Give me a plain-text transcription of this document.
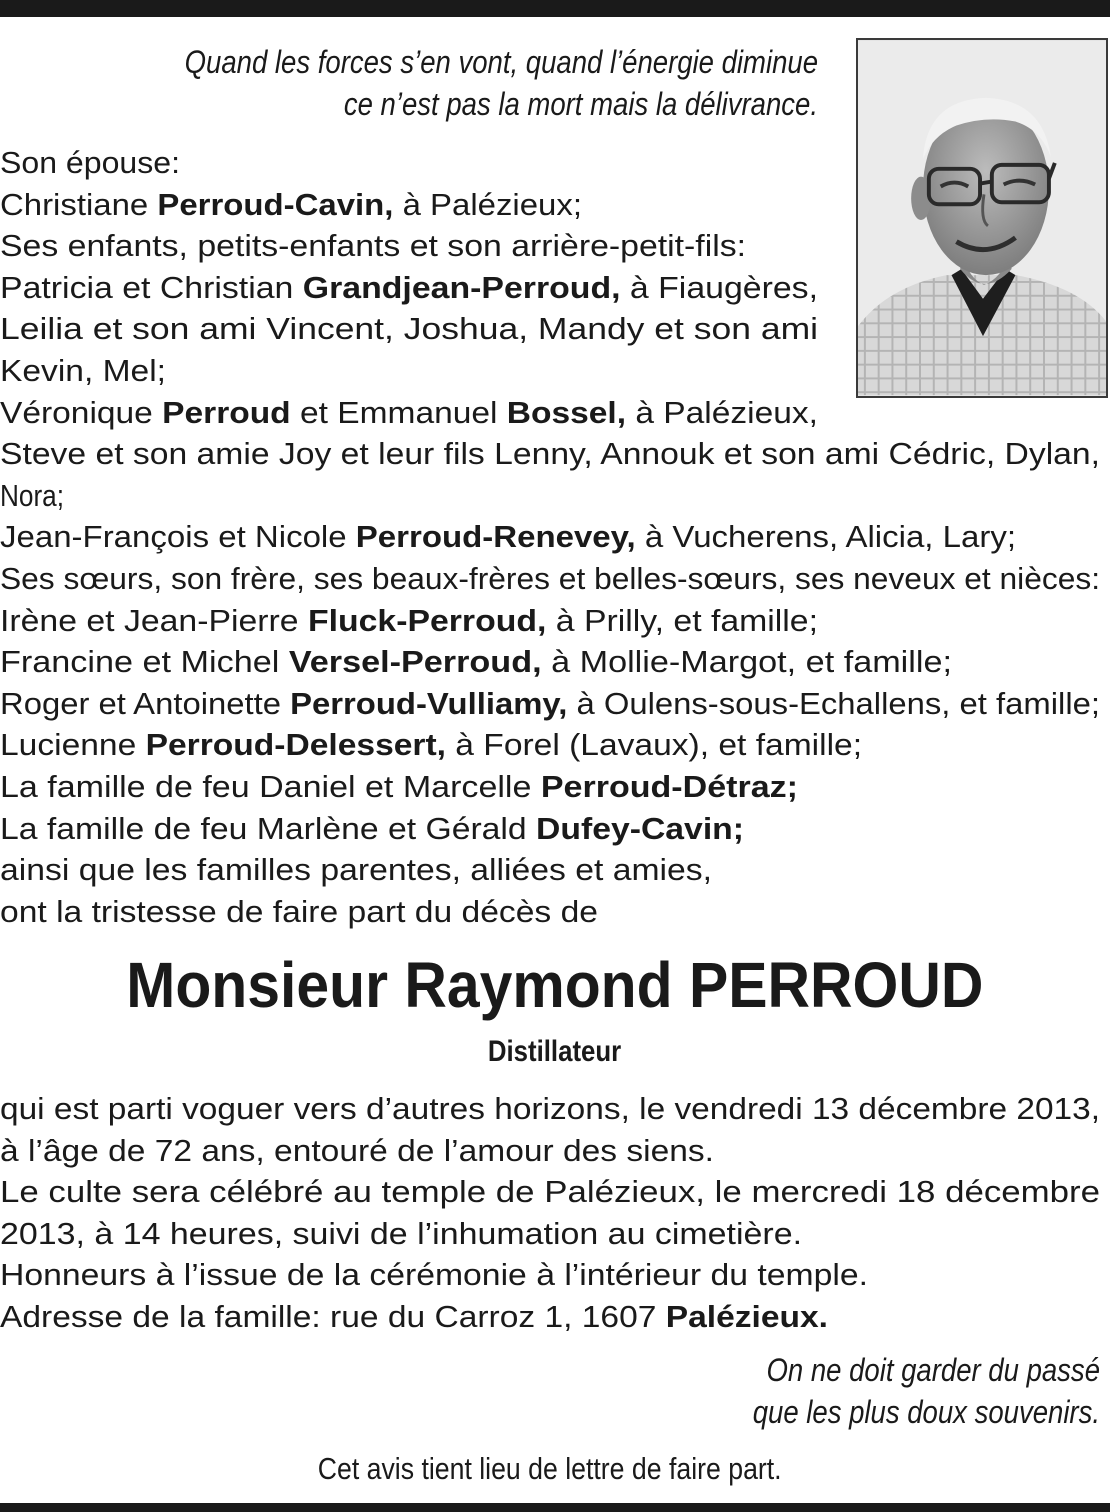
Quand les forces s’en vont, quand l’énergie diminue
ce n’est pas la mort mais la délivrance.
Son épouse:
Christiane Perroud-Cavin, à Palézieux;
Ses enfants, petits-enfants et son arrière-petit-fils:
Patricia et Christian Grandjean-Perroud, à Fiaugères,
Leilia et son ami Vincent, Joshua, Mandy et son ami
Kevin, Mel;
Véronique Perroud et Emmanuel Bossel, à Palézieux,
Steve et son amie Joy et leur fils Lenny, Annouk et son ami Cédric, Dylan,
Nora;
Jean-François et Nicole Perroud-Renevey, à Vucherens, Alicia, Lary;
Ses sœurs, son frère, ses beaux-frères et belles-sœurs, ses neveux et nièces:
Irène et Jean-Pierre Fluck-Perroud, à Prilly, et famille;
Francine et Michel Versel-Perroud, à Mollie-Margot, et famille;
Roger et Antoinette Perroud-Vulliamy, à Oulens-sous-Echallens, et famille;
Lucienne Perroud-Delessert, à Forel (Lavaux), et famille;
La famille de feu Daniel et Marcelle Perroud-Détraz;
La famille de feu Marlène et Gérald Dufey-Cavin;
ainsi que les familles parentes, alliées et amies,
ont la tristesse de faire part du décès de
Monsieur Raymond PERROUD
Distillateur
qui est parti voguer vers d’autres horizons, le vendredi 13 décembre 2013,
à l’âge de 72 ans, entouré de l’amour des siens.
Le culte sera célébré au temple de Palézieux, le mercredi 18 décembre
2013, à 14 heures, suivi de l’inhumation au cimetière.
Honneurs à l’issue de la cérémonie à l’intérieur du temple.
Adresse de la famille: rue du Carroz 1, 1607 Palézieux.
On ne doit garder du passé
que les plus doux souvenirs.
Cet avis tient lieu de lettre de faire part.
